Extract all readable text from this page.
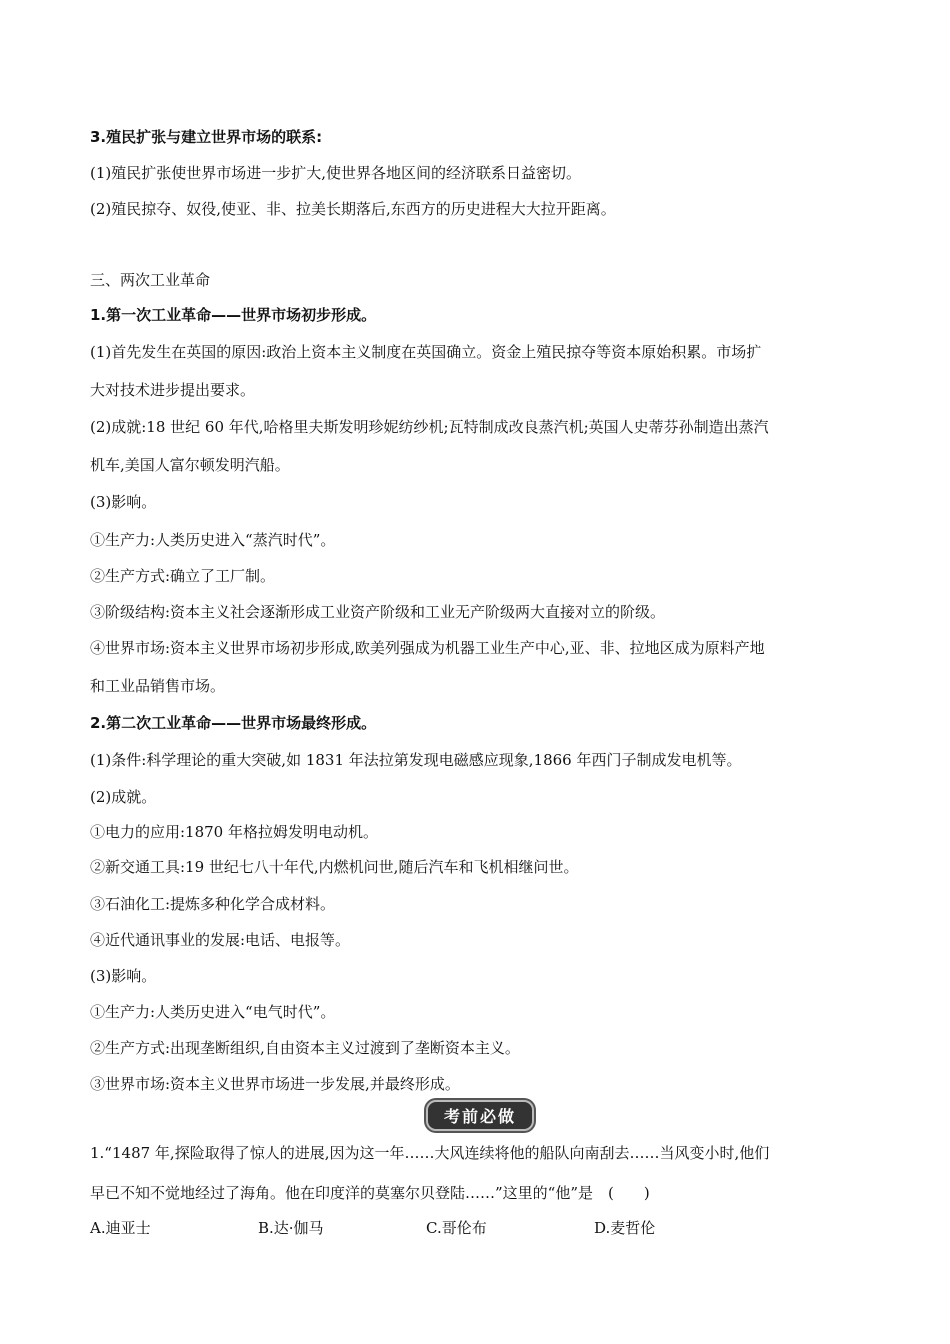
3.殖民扩张与建立世界市场的联系:
(1)殖民扩张使世界市场进一步扩大,使世界各地区间的经济联系日益密切。
(2)殖民掠夺、奴役,使亚、非、拉美长期落后,东西方的历史进程大大拉开距离。
三、两次工业革命
1.第一次工业革命——世界市场初步形成。
(1)首先发生在英国的原因:政治上资本主义制度在英国确立。资金上殖民掠夺等资本原始积累。市场扩
大对技术进步提出要求。
(2)成就:18 世纪 60 年代,哈格里夫斯发明珍妮纺纱机;瓦特制成改良蒸汽机;英国人史蒂芬孙制造出蒸汽
机车,美国人富尔顿发明汽船。
(3)影响。
①生产力:人类历史进入“蒸汽时代”。
②生产方式:确立了工厂制。
③阶级结构:资本主义社会逐渐形成工业资产阶级和工业无产阶级两大直接对立的阶级。
④世界市场:资本主义世界市场初步形成,欧美列强成为机器工业生产中心,亚、非、拉地区成为原料产地
和工业品销售市场。
2.第二次工业革命——世界市场最终形成。
(1)条件:科学理论的重大突破,如 1831 年法拉第发现电磁感应现象,1866 年西门子制成发电机等。
(2)成就。
①电力的应用:1870 年格拉姆发明电动机。
②新交通工具:19 世纪七八十年代,内燃机问世,随后汽车和飞机相继问世。
③石油化工:提炼多种化学合成材料。
④近代通讯事业的发展:电话、电报等。
(3)影响。
①生产力:人类历史进入“电气时代”。
②生产方式:出现垄断组织,自由资本主义过渡到了垄断资本主义。
③世界市场:资本主义世界市场进一步发展,并最终形成。
考前必做
1.“1487 年,探险取得了惊人的进展,因为这一年……大风连续将他的船队向南刮去……当风变小时,他们
早已不知不觉地经过了海角。他在印度洋的莫塞尔贝登陆……”这里的“他”是　(　　)
A.迪亚士	B.达·伽马	C.哥伦布	D.麦哲伦
